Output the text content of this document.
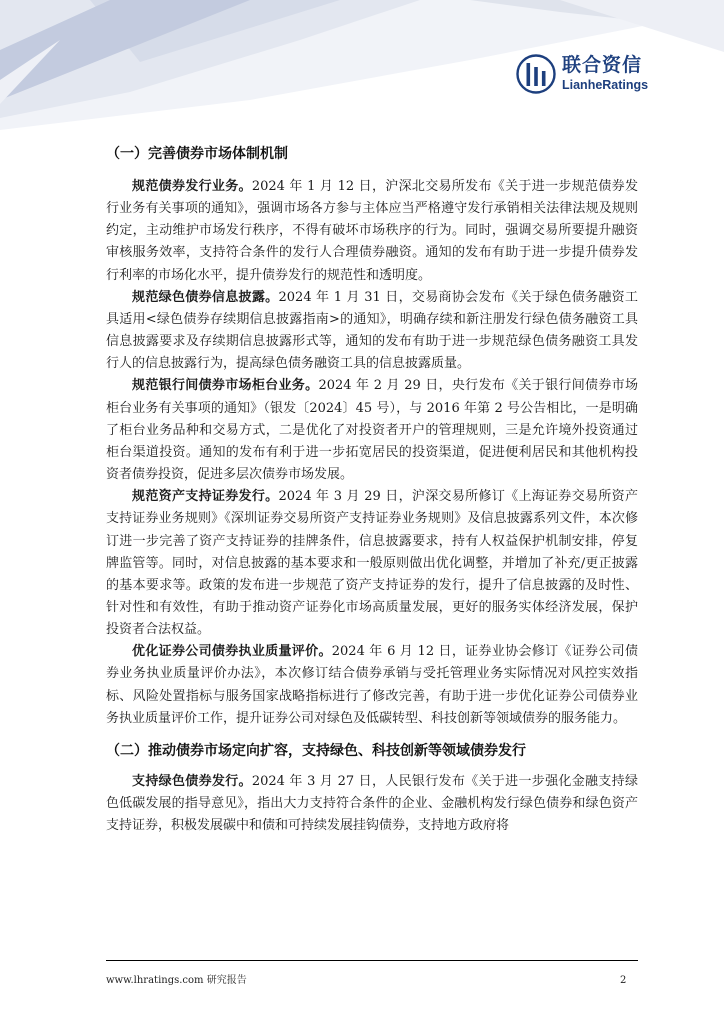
联合资信
LianheRatings
（一）完善债券市场体制机制

规范债券发行业务。2024 年 1 月 12 日，沪深北交易所发布《关于进一步规范债券发行业务有关事项的通知》，强调市场各方参与主体应当严格遵守发行承销相关法律法规及规则约定，主动维护市场发行秩序，不得有破坏市场秩序的行为。同时，强调交易所要提升融资审核服务效率，支持符合条件的发行人合理债券融资。通知的发布有助于进一步提升债券发行利率的市场化水平，提升债券发行的规范性和透明度。

规范绿色债券信息披露。2024 年 1 月 31 日，交易商协会发布《关于绿色债务融资工具适用<绿色债券存续期信息披露指南>的通知》，明确存续和新注册发行绿色债务融资工具信息披露要求及存续期信息披露形式等，通知的发布有助于进一步规范绿色债务融资工具发行人的信息披露行为，提高绿色债务融资工具的信息披露质量。

规范银行间债券市场柜台业务。2024 年 2 月 29 日，央行发布《关于银行间债券市场柜台业务有关事项的通知》（银发〔2024〕45 号），与 2016 年第 2 号公告相比，一是明确了柜台业务品种和交易方式，二是优化了对投资者开户的管理规则，三是允许境外投资通过柜台渠道投资。通知的发布有利于进一步拓宽居民的投资渠道，促进便利居民和其他机构投资者债券投资，促进多层次债券市场发展。

规范资产支持证券发行。2024 年 3 月 29 日，沪深交易所修订《上海证券交易所资产支持证券业务规则》《深圳证券交易所资产支持证券业务规则》及信息披露系列文件，本次修订进一步完善了资产支持证券的挂牌条件，信息披露要求，持有人权益保护机制安排，停复牌监管等。同时，对信息披露的基本要求和一般原则做出优化调整，并增加了补充/更正披露的基本要求等。政策的发布进一步规范了资产支持证券的发行，提升了信息披露的及时性、针对性和有效性，有助于推动资产证券化市场高质量发展，更好的服务实体经济发展，保护投资者合法权益。

优化证券公司债券执业质量评价。2024 年 6 月 12 日，证券业协会修订《证券公司债券业务执业质量评价办法》，本次修订结合债券承销与受托管理业务实际情况对风控实效指标、风险处置指标与服务国家战略指标进行了修改完善，有助于进一步优化证券公司债券业务执业质量评价工作，提升证券公司对绿色及低碳转型、科技创新等领域债券的服务能力。

（二）推动债券市场定向扩容，支持绿色、科技创新等领域债券发行

支持绿色债券发行。2024 年 3 月 27 日，人民银行发布《关于进一步强化金融支持绿色低碳发展的指导意见》，指出大力支持符合条件的企业、金融机构发行绿色债券和绿色资产支持证券，积极发展碳中和债和可持续发展挂钩债券，支持地方政府将

www.lhratings.com 研究报告	2
